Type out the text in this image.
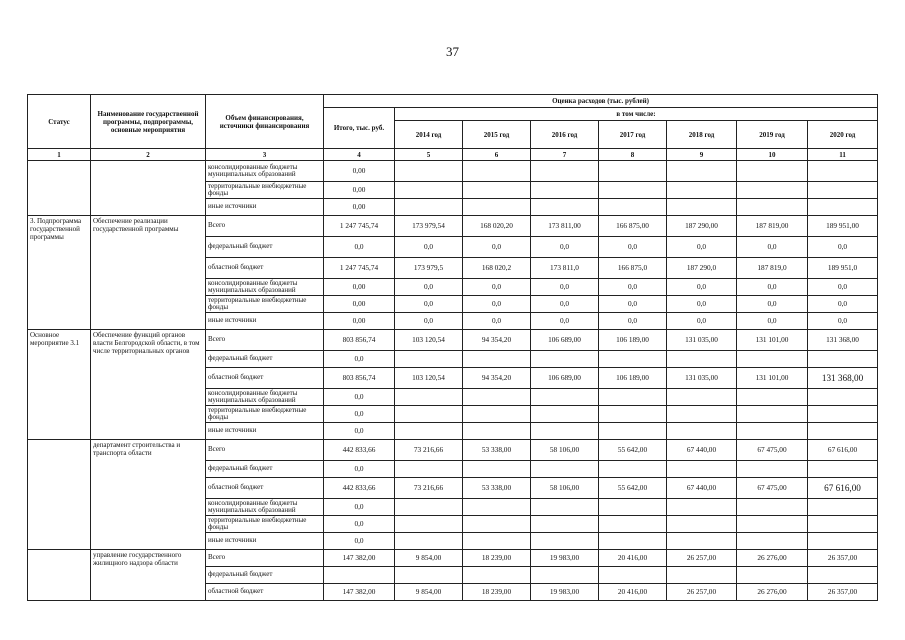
37
Статус	Наименование государственной программы, подпрограммы, основные мероприятия	Объем финансирования, источники финансирования	Оценка расходов (тыс. рублей)							
			Итого, тыс. руб.	в том числе:						
				2014 год	2015 год	2016 год	2017 год	2018 год	2019 год	2020 год
1	2	3	4	5	6	7	8	9	10	11
		консолидированные бюджеты муниципальных образований	0,00							
		территориальные внебюджетные фонды	0,00							
		иные источники	0,00							
3. Подпрограмма государственной программы	Обеспечение реализации государственной программы	Всего	1 247 745,74	173 979,54	168 020,20	173 811,00	166 875,00	187 290,00	187 819,00	189 951,00
		федеральный бюджет	0,0	0,0	0,0	0,0	0,0	0,0	0,0	0,0
		областной бюджет	1 247 745,74	173 979,5	168 020,2	173 811,0	166 875,0	187 290,0	187 819,0	189 951,0
		консолидированные бюджеты муниципальных образований	0,00	0,0	0,0	0,0	0,0	0,0	0,0	0,0
		территориальные внебюджетные фонды	0,00	0,0	0,0	0,0	0,0	0,0	0,0	0,0
		иные источники	0,00	0,0	0,0	0,0	0,0	0,0	0,0	0,0
Основное мероприятие 3.1	Обеспечение функций органов власти Белгородской области, в том числе территориальных органов	Всего	803 856,74	103 120,54	94 354,20	106 689,00	106 189,00	131 035,00	131 101,00	131 368,00
		федеральный бюджет	0,0							
		областной бюджет	803 856,74	103 120,54	94 354,20	106 689,00	106 189,00	131 035,00	131 101,00	131 368,00
		консолидированные бюджеты муниципальных образований	0,0							
		территориальные внебюджетные фонды	0,0							
		иные источники	0,0							
	департамент строительства и транспорта области	Всего	442 833,66	73 216,66	53 338,00	58 106,00	55 642,00	67 440,00	67 475,00	67 616,00
		федеральный бюджет	0,0							
		областной бюджет	442 833,66	73 216,66	53 338,00	58 106,00	55 642,00	67 440,00	67 475,00	67 616,00
		консолидированные бюджеты муниципальных образований	0,0							
		территориальные внебюджетные фонды	0,0							
		иные источники	0,0							
	управление государственного жилищного надзора области	Всего	147 382,00	9 854,00	18 239,00	19 983,00	20 416,00	26 257,00	26 276,00	26 357,00
		федеральный бюджет								
		областной бюджет	147 382,00	9 854,00	18 239,00	19 983,00	20 416,00	26 257,00	26 276,00	26 357,00
